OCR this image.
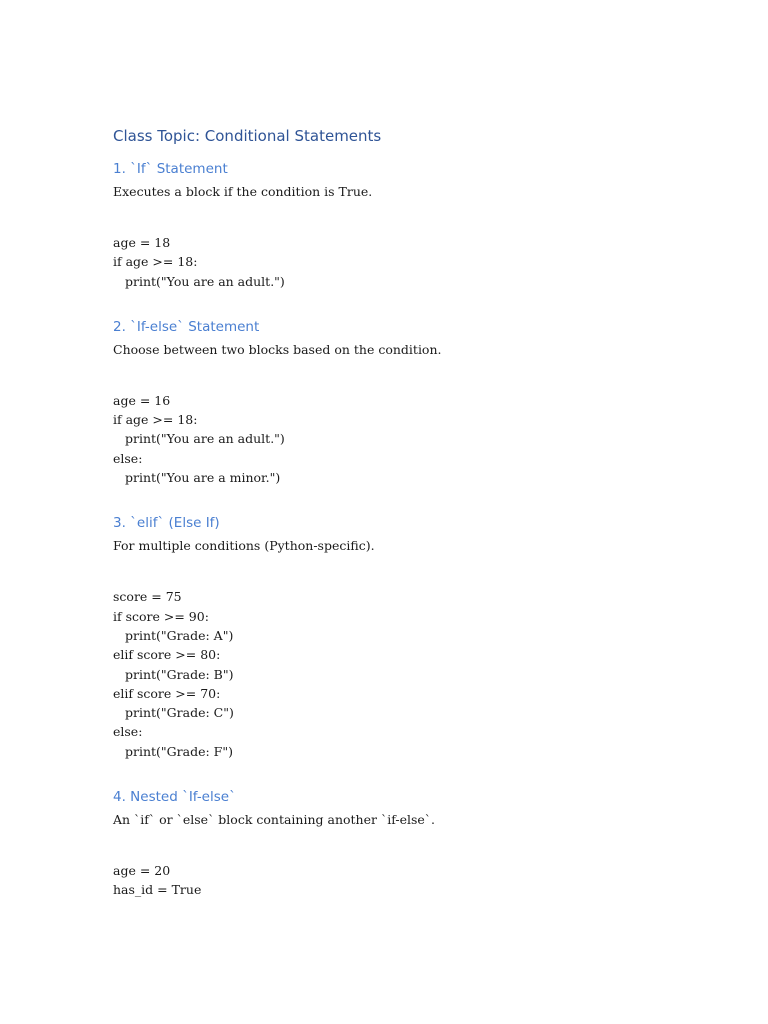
Class Topic: Conditional Statements
1. `If` Statement

Executes a block if the condition is True.

age = 18
if age >= 18:
print("You are an adult.")
2. `If-else` Statement

Choose between two blocks based on the condition.

age = 16
if age >= 18:
print("You are an adult.")
else:
print("You are a minor.")
3. `elif` (Else If)

For multiple conditions (Python-specific).

score = 75
if score >= 90:
print("Grade: A")
elif score >= 80:
print("Grade: B")
elif score >= 70:
print("Grade: C")
else:
print("Grade: F")
4. Nested `If-else`

An `if` or `else` block containing another `if-else`.

age = 20
has_id = True
